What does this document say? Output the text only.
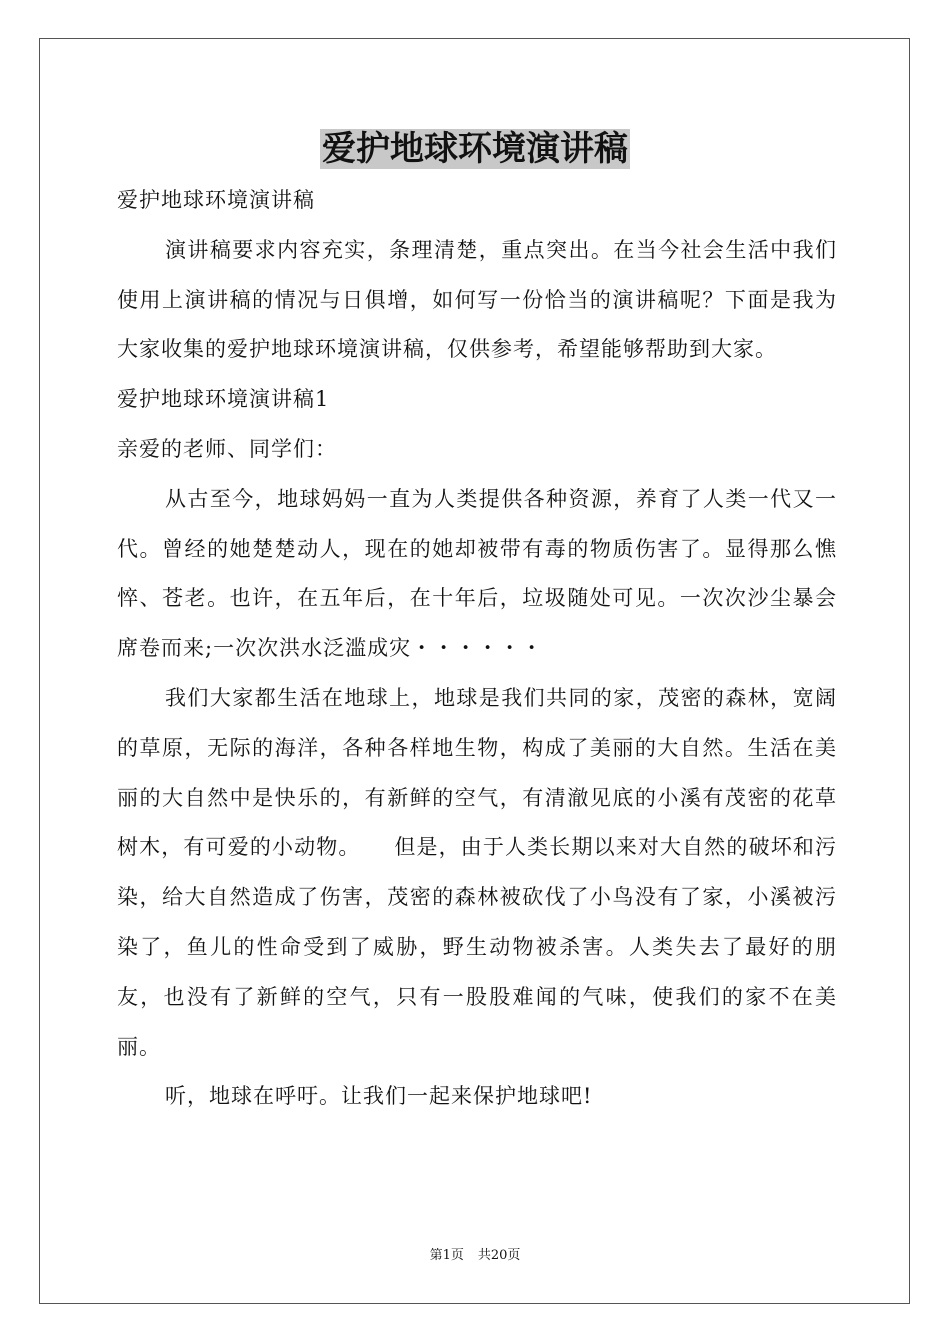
爱护地球环境演讲稿

爱护地球环境演讲稿

演讲稿要求内容充实，条理清楚，重点突出。在当今社会生活中我们使用上演讲稿的情况与日俱增，如何写一份恰当的演讲稿呢？下面是我为大家收集的爱护地球环境演讲稿，仅供参考，希望能够帮助到大家。

爱护地球环境演讲稿1

亲爱的老师、同学们：

从古至今，地球妈妈一直为人类提供各种资源，养育了人类一代又一代。曾经的她楚楚动人，现在的她却被带有毒的物质伤害了。显得那么憔悴、苍老。也许，在五年后，在十年后，垃圾随处可见。一次次沙尘暴会席卷而来;一次次洪水泛滥成灾・・・・・・

我们大家都生活在地球上，地球是我们共同的家，茂密的森林，宽阔的草原，无际的海洋，各种各样地生物，构成了美丽的大自然。生活在美丽的大自然中是快乐的，有新鲜的空气，有清澈见底的小溪有茂密的花草树木，有可爱的小动物。　　但是，由于人类长期以来对大自然的破坏和污染，给大自然造成了伤害，茂密的森林被砍伐了小鸟没有了家，小溪被污染了，鱼儿的性命受到了威胁，野生动物被杀害。人类失去了最好的朋友，也没有了新鲜的空气，只有一股股难闻的气味，使我们的家不在美丽。

听，地球在呼吁。让我们一起来保护地球吧!

第1页 共20页
